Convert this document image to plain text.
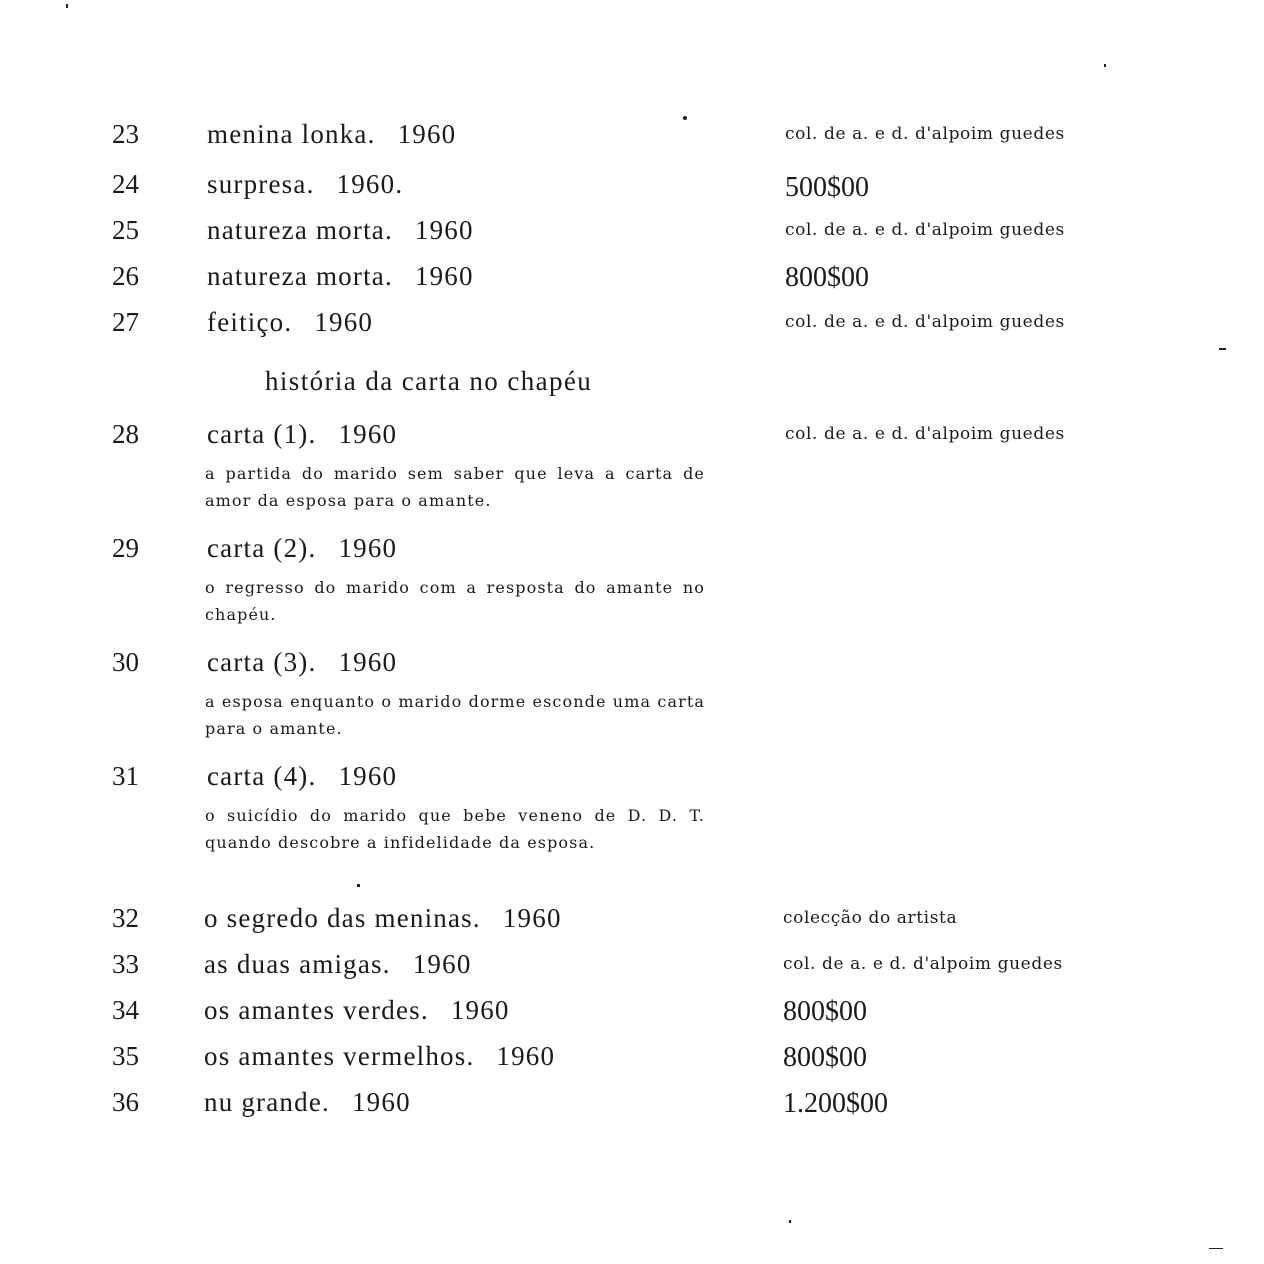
23	menina lonka. 1960	col. de a. e d. d'alpoim guedes
24	surpresa. 1960.	500$00
25	natureza morta. 1960	col. de a. e d. d'alpoim guedes
26	natureza morta. 1960	800$00
27	feitiço. 1960	col. de a. e d. d'alpoim guedes
história da carta no chapéu
28	carta (1). 1960	col. de a. e d. d'alpoim guedes
a partida do marido sem saber que leva a carta de amor da esposa para o amante.
29	carta (2). 1960
o regresso do marido com a resposta do amante no chapéu.
30	carta (3). 1960
a esposa enquanto o marido dorme esconde uma carta para o amante.
31	carta (4). 1960
o suicídio do marido que bebe veneno de D. D. T. quando descobre a infidelidade da esposa.
32	o segredo das meninas. 1960	colecção do artista
33	as duas amigas. 1960	col. de a. e d. d'alpoim guedes
34	os amantes verdes. 1960	800$00
35	os amantes vermelhos. 1960	800$00
36	nu grande. 1960	1.200$00
